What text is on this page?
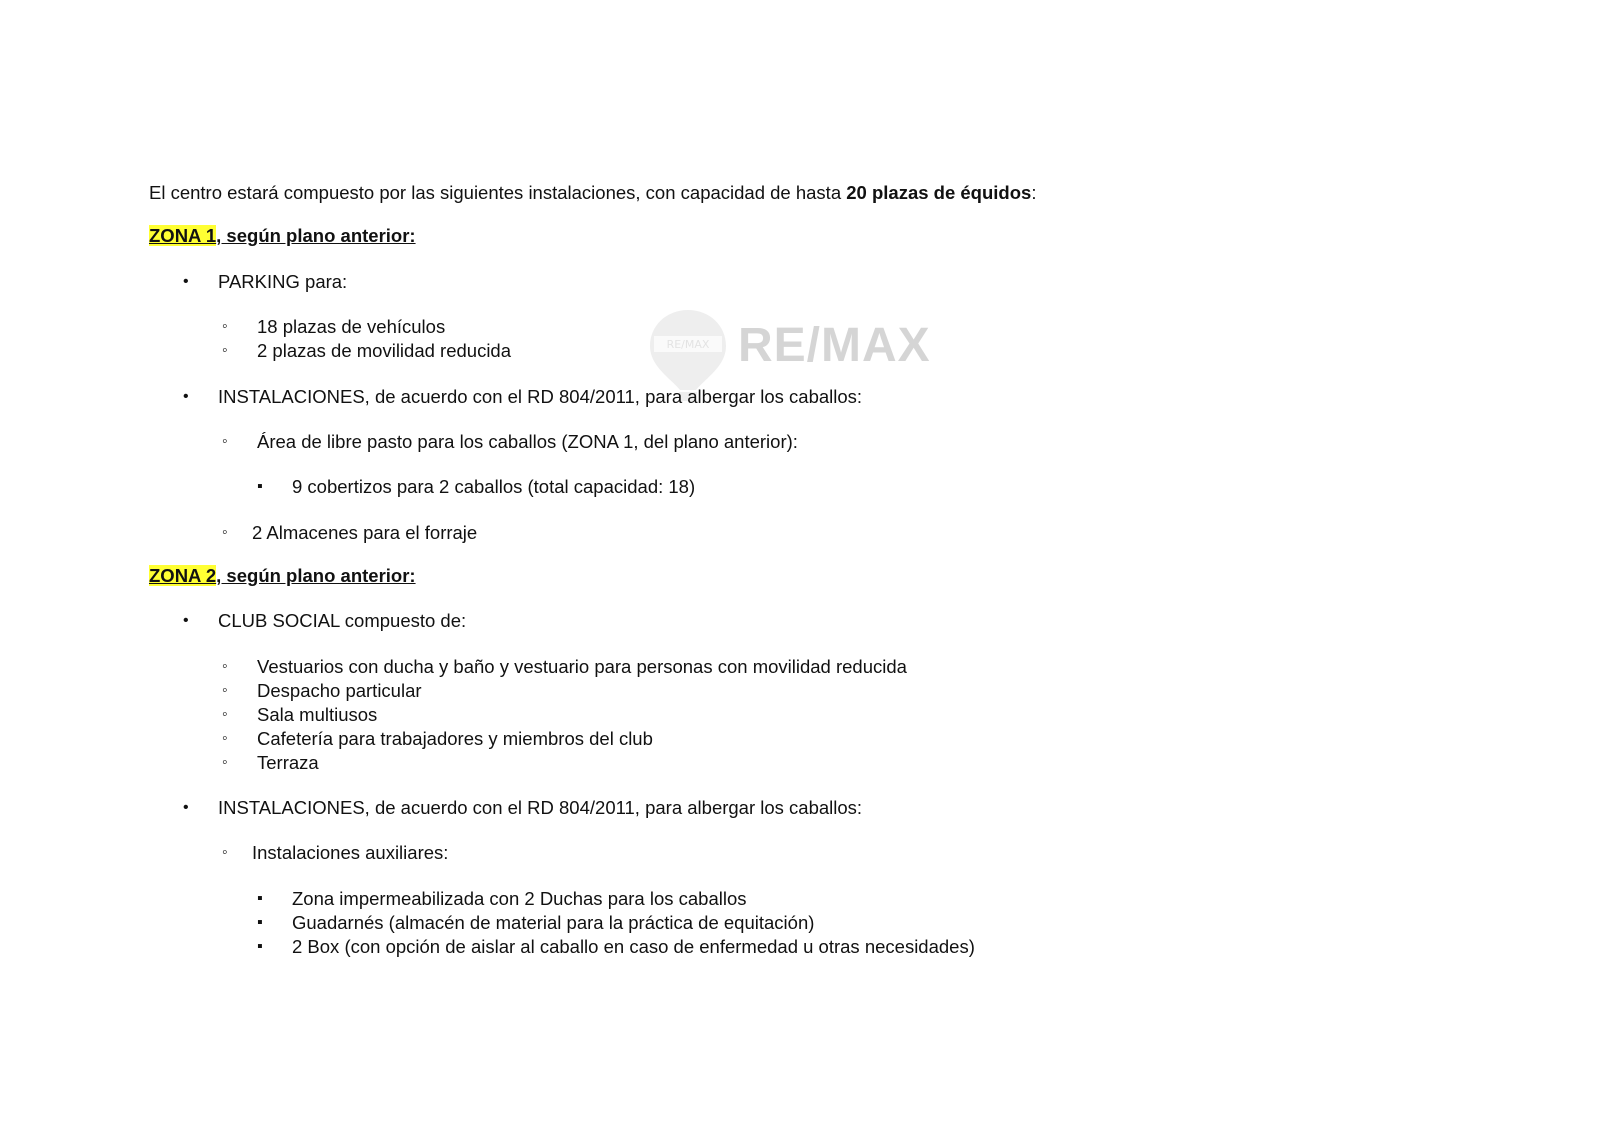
RE/MAX RE/MAX
El centro estará compuesto por las siguientes instalaciones, con capacidad de hasta 20 plazas de équidos:
ZONA 1, según plano anterior:
• PARKING para:
◦ 18 plazas de vehículos
◦ 2 plazas de movilidad reducida
• INSTALACIONES, de acuerdo con el RD 804/2011, para albergar los caballos:
◦ Área de libre pasto para los caballos (ZONA 1, del plano anterior):
▪ 9 cobertizos para 2 caballos (total capacidad: 18)
◦ 2 Almacenes para el forraje
ZONA 2, según plano anterior:
• CLUB SOCIAL compuesto de:
◦ Vestuarios con ducha y baño y vestuario para personas con movilidad reducida
◦ Despacho particular
◦ Sala multiusos
◦ Cafetería para trabajadores y miembros del club
◦ Terraza
• INSTALACIONES, de acuerdo con el RD 804/2011, para albergar los caballos:
◦ Instalaciones auxiliares:
▪ Zona impermeabilizada con 2 Duchas para los caballos
▪ Guadarnés (almacén de material para la práctica de equitación)
▪ 2 Box (con opción de aislar al caballo en caso de enfermedad u otras necesidades)
